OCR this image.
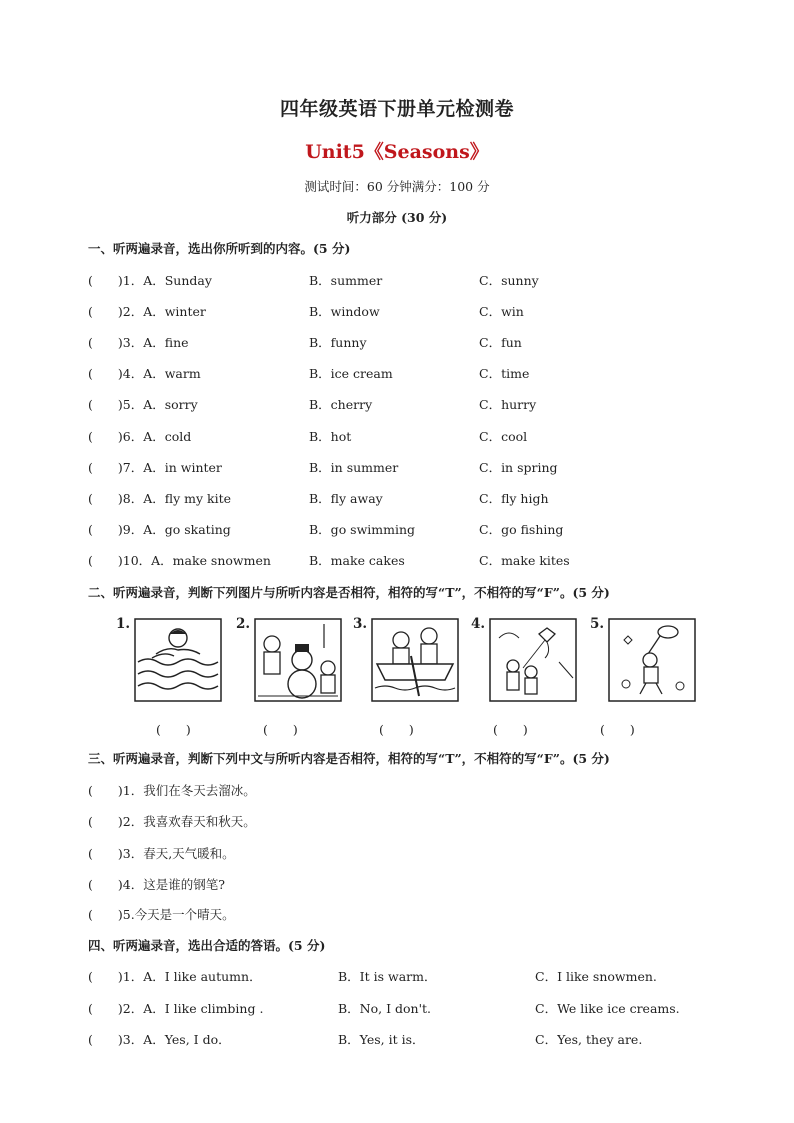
四年级英语下册单元检测卷
Unit5《Seasons》
测试时间：60 分钟满分：100 分
听力部分 (30 分)
一、听两遍录音，选出你所听到的内容。(5 分)
(　　)1．A．Sunday	B．summer	C．sunny
(　　)2．A．winter	B．window	C．win
(　　)3．A．fine	B．funny	C．fun
(　　)4．A．warm	B．ice cream	C．time
(　　)5．A．sorry	B．cherry	C．hurry
(　　)6．A．cold	B．hot	C．cool
(　　)7．A．in winter	B．in summer	C．in spring
(　　)8．A．fly my kite	B．fly away	C．fly high
(　　)9．A．go skating	B．go swimming	C．go fishing
(　　)10．A．make snowmen	B．make cakes	C．make kites
二、听两遍录音，判断下列图片与所听内容是否相符，相符的写“T”，不相符的写“F”。(5 分)
1.	2.	3.	4.	5.
(　　)	(　　)	(　　)	(　　)	(　　)
三、听两遍录音，判断下列中文与所听内容是否相符，相符的写“T”，不相符的写“F”。(5 分)
(　　)1．我们在冬天去溜冰。
(　　)2．我喜欢春天和秋天。
(　　)3．春天,天气暖和。
(　　)4．这是谁的钢笔?
(　　)5.今天是一个晴天。
四、听两遍录音，选出合适的答语。(5 分)
(　　)1．A．I like autumn．	B．It is warm．	C．I like snowmen.
(　　)2．A．I like climbing .	B．No, I don't.	C．We like ice creams.
(　　)3．A．Yes, I do．	B．Yes, it is．	C．Yes, they are.
